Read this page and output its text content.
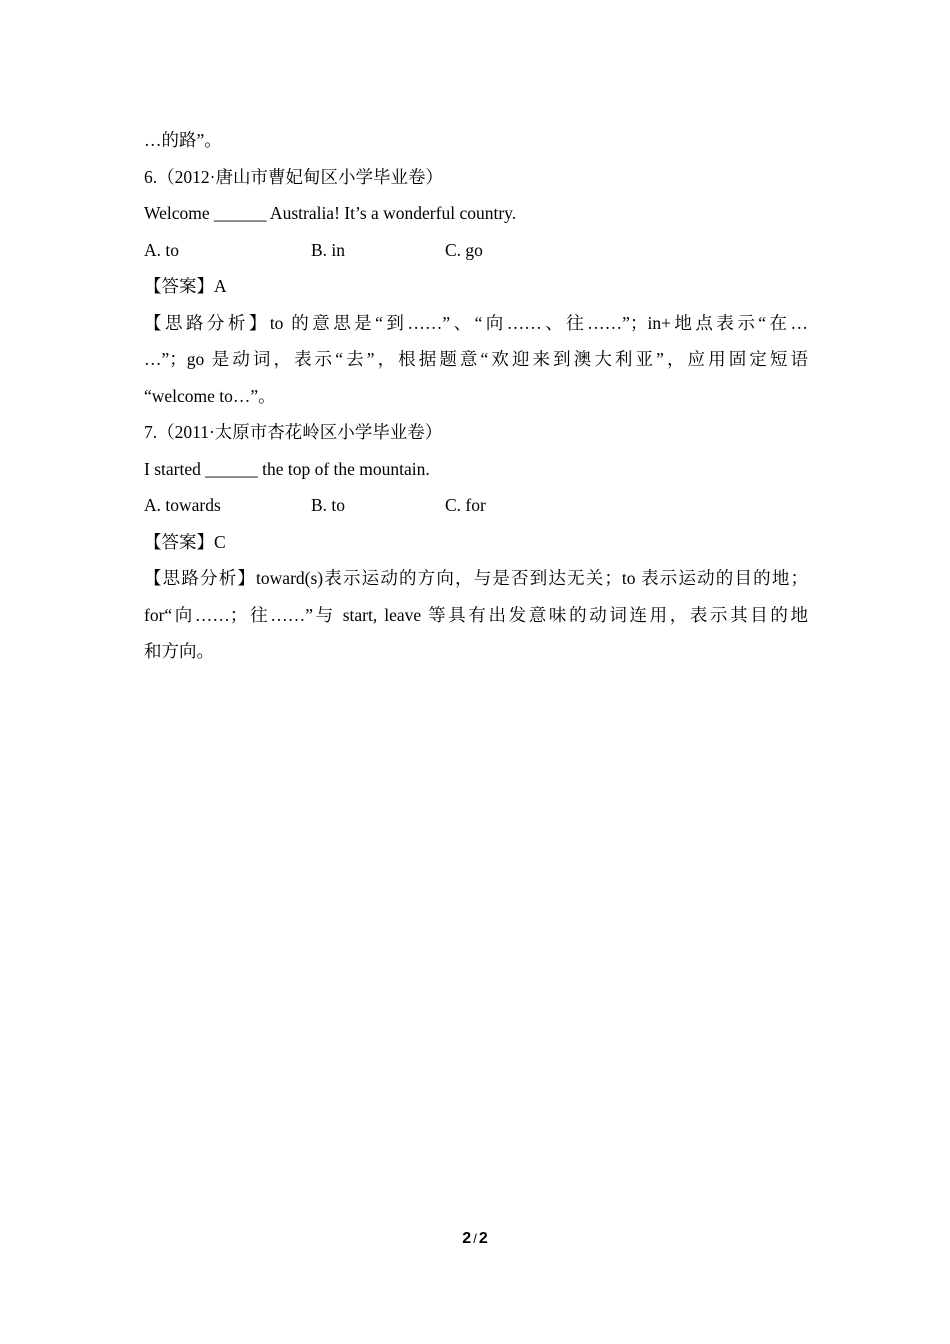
…的路”。
6.（2012·唐山市曹妃甸区小学毕业卷）
Welcome ______ Australia! It’s a wonderful country.
A. to	B. in	C. go
【答案】A
【思路分析】to 的意思是“到……”、“向……、往……”；in+地点表示“在…
…”；go 是动词，表示“去”，根据题意“欢迎来到澳大利亚”，应用固定短语
“welcome to…”。
7.（2011·太原市杏花岭区小学毕业卷）
I started ______ the top of the mountain.
A. towards	B. to	C. for
【答案】C
【思路分析】toward(s)表示运动的方向，与是否到达无关；to 表示运动的目的地；
for“向……；往……”与 start, leave 等具有出发意味的动词连用，表示其目的地
和方向。
2 / 2
